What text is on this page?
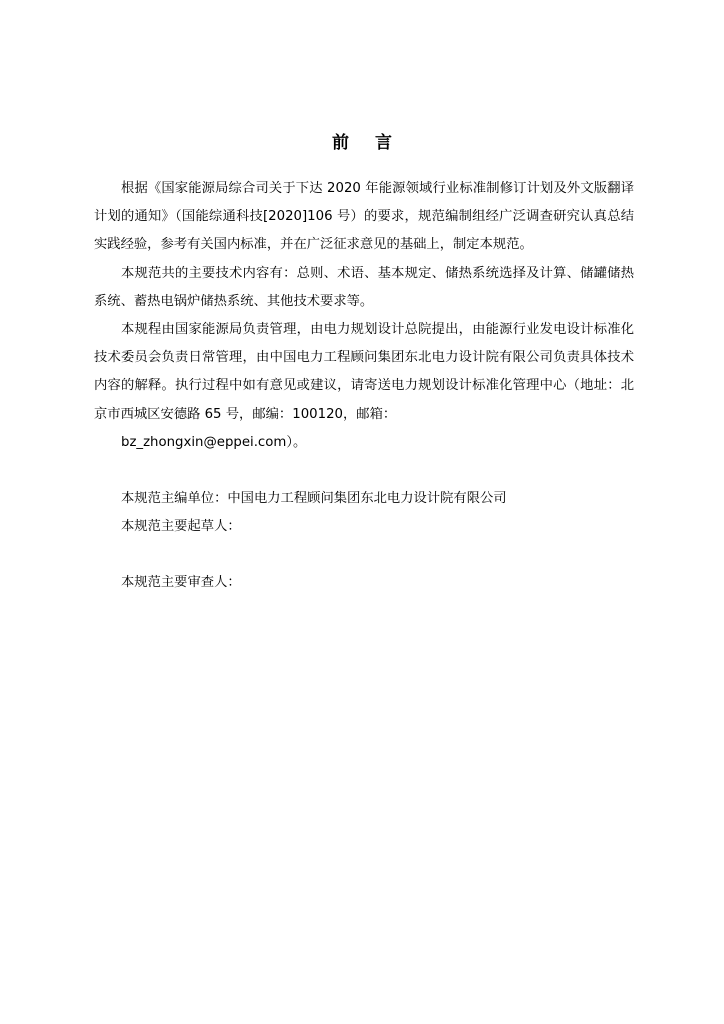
前 言

根据《国家能源局综合司关于下达 2020 年能源领域行业标准制修订计划及外文版翻译计划的通知》（国能综通科技[2020]106 号）的要求，规范编制组经广泛调查研究认真总结实践经验，参考有关国内标准，并在广泛征求意见的基础上，制定本规范。

本规范共的主要技术内容有：总则、术语、基本规定、储热系统选择及计算、储罐储热系统、蓄热电锅炉储热系统、其他技术要求等。

本规程由国家能源局负责管理，由电力规划设计总院提出，由能源行业发电设计标准化技术委员会负责日常管理，由中国电力工程顾问集团东北电力设计院有限公司负责具体技术内容的解释。执行过程中如有意见或建议，请寄送电力规划设计标准化管理中心（地址：北京市西城区安德路 65 号，邮编：100120，邮箱：

bz_zhongxin@eppei.com）。

本规范主编单位：中国电力工程顾问集团东北电力设计院有限公司

本规范主要起草人：

本规范主要审查人：
